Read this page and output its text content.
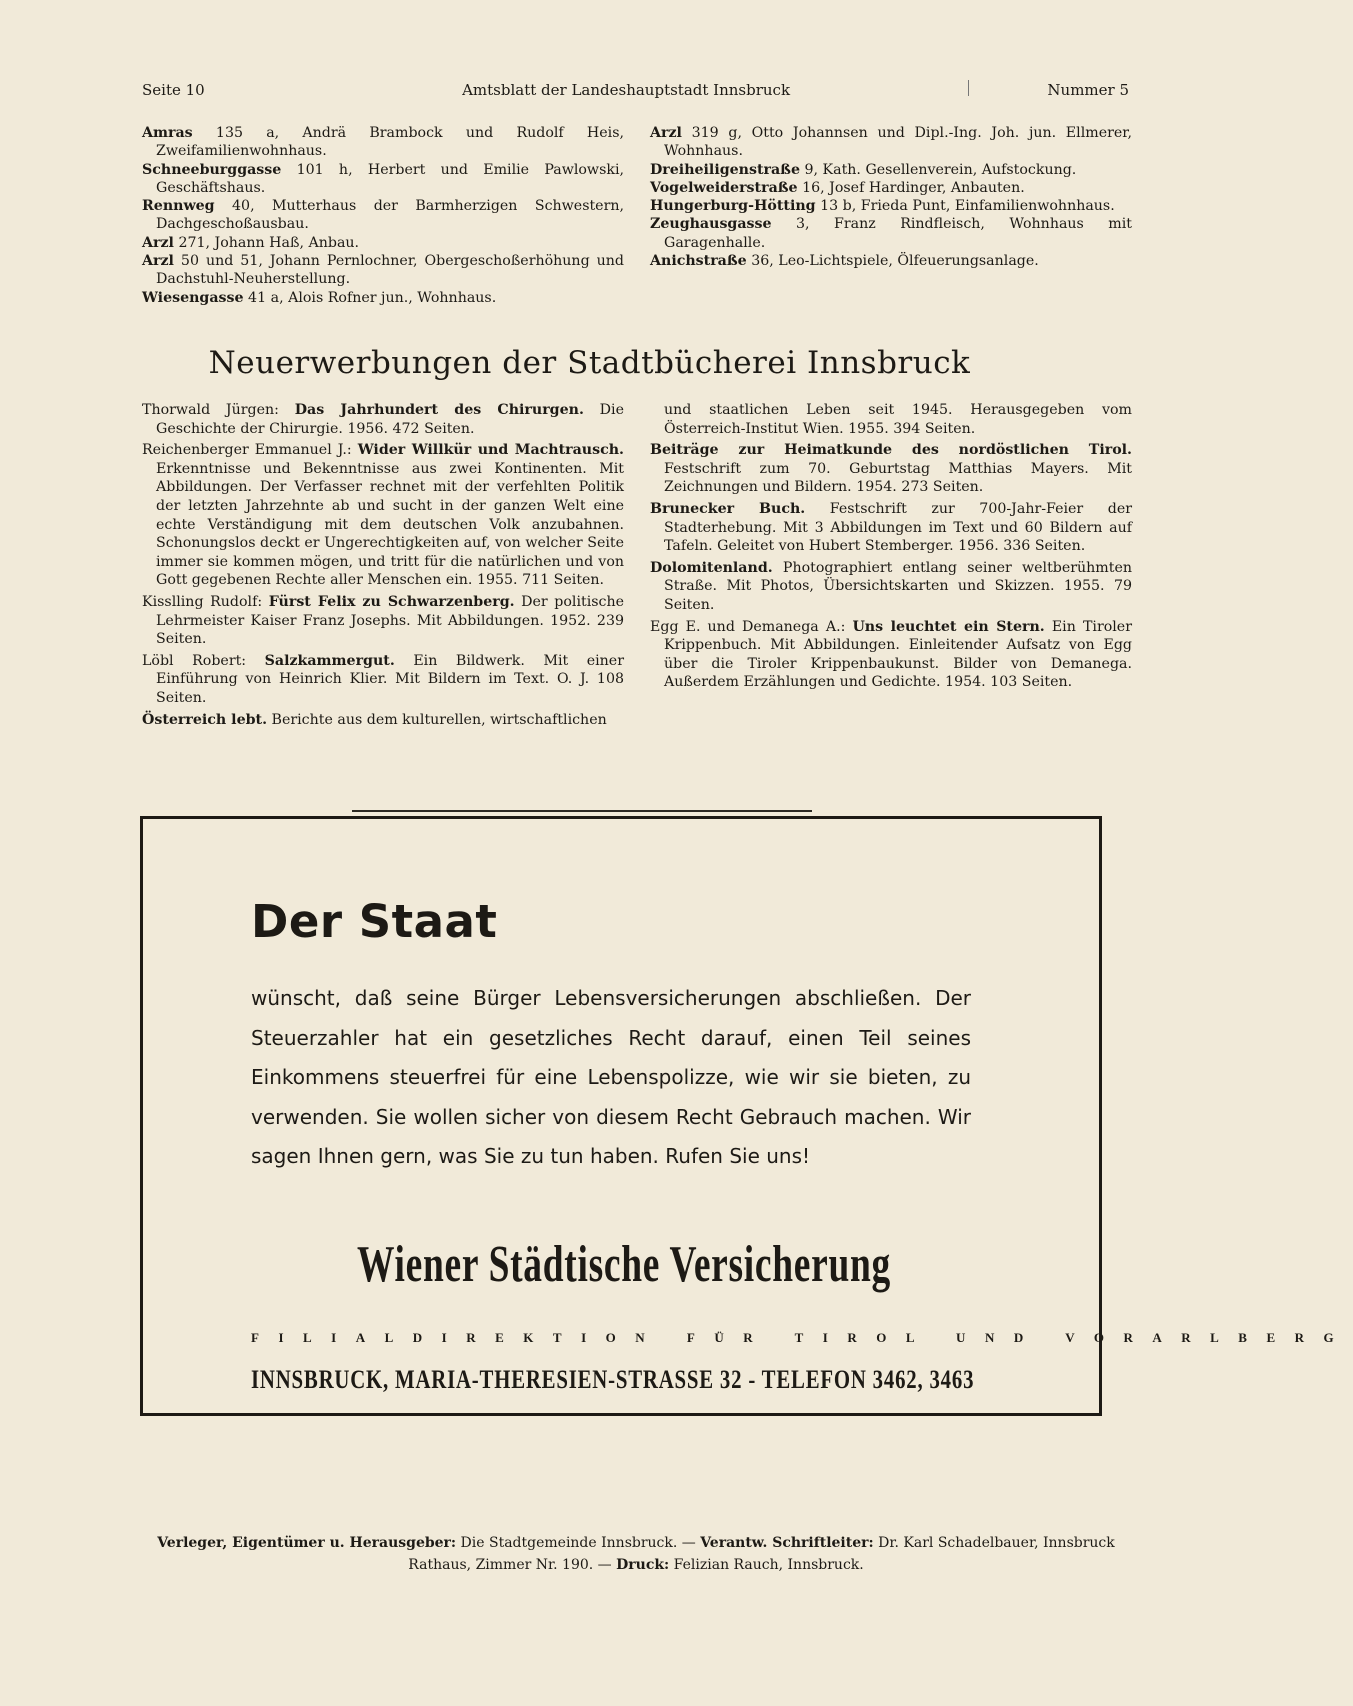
Seite 10	Amtsblatt der Landeshauptstadt Innsbruck	Nummer 5
Amras 135 a, Andrä Brambock und Rudolf Heis, Zweifamilienwohnhaus.
Schneeburggasse 101 h, Herbert und Emilie Pawlowski, Geschäftshaus.
Rennweg 40, Mutterhaus der Barmherzigen Schwestern, Dachgeschoßausbau.
Arzl 271, Johann Haß, Anbau.
Arzl 50 und 51, Johann Pernlochner, Obergeschoßerhöhung und Dachstuhl-Neuherstellung.
Wiesengasse 41 a, Alois Rofner jun., Wohnhaus.
Arzl 319 g, Otto Johannsen und Dipl.-Ing. Joh. jun. Ellmerer, Wohnhaus.
Dreiheiligenstraße 9, Kath. Gesellenverein, Aufstockung.
Vogelweiderstraße 16, Josef Hardinger, Anbauten.
Hungerburg-Hötting 13 b, Frieda Punt, Einfamilienwohnhaus.
Zeughausgasse 3, Franz Rindfleisch, Wohnhaus mit Garagenhalle.
Anichstraße 36, Leo-Lichtspiele, Ölfeuerungsanlage.
Neuerwerbungen der Stadtbücherei Innsbruck
Thorwald Jürgen: Das Jahrhundert des Chirurgen. Die Geschichte der Chirurgie. 1956. 472 Seiten.
Reichenberger Emmanuel J.: Wider Willkür und Machtrausch. Erkenntnisse und Bekenntnisse aus zwei Kontinenten. Mit Abbildungen. Der Verfasser rechnet mit der verfehlten Politik der letzten Jahrzehnte ab und sucht in der ganzen Welt eine echte Verständigung mit dem deutschen Volk anzubahnen. Schonungslos deckt er Ungerechtigkeiten auf, von welcher Seite immer sie kommen mögen, und tritt für die natürlichen und von Gott gegebenen Rechte aller Menschen ein. 1955. 711 Seiten.
Kisslling Rudolf: Fürst Felix zu Schwarzenberg. Der politische Lehrmeister Kaiser Franz Josephs. Mit Abbildungen. 1952. 239 Seiten.
Löbl Robert: Salzkammergut. Ein Bildwerk. Mit einer Einführung von Heinrich Klier. Mit Bildern im Text. O. J. 108 Seiten.
Österreich lebt. Berichte aus dem kulturellen, wirtschaftlichen
und staatlichen Leben seit 1945. Herausgegeben vom Österreich-Institut Wien. 1955. 394 Seiten.
Beiträge zur Heimatkunde des nordöstlichen Tirol. Festschrift zum 70. Geburtstag Matthias Mayers. Mit Zeichnungen und Bildern. 1954. 273 Seiten.
Brunecker Buch. Festschrift zur 700-Jahr-Feier der Stadterhebung. Mit 3 Abbildungen im Text und 60 Bildern auf Tafeln. Geleitet von Hubert Stemberger. 1956. 336 Seiten.
Dolomitenland. Photographiert entlang seiner weltberühmten Straße. Mit Photos, Übersichtskarten und Skizzen. 1955. 79 Seiten.
Egg E. und Demanega A.: Uns leuchtet ein Stern. Ein Tiroler Krippenbuch. Mit Abbildungen. Einleitender Aufsatz von Egg über die Tiroler Krippenbaukunst. Bilder von Demanega. Außerdem Erzählungen und Gedichte. 1954. 103 Seiten.
Der Staat
wünscht, daß seine Bürger Lebensversicherungen abschließen. Der Steuerzahler hat ein gesetzliches Recht darauf, einen Teil seines Einkommens steuerfrei für eine Lebenspolizze, wie wir sie bieten, zu verwenden. Sie wollen sicher von diesem Recht Gebrauch machen. Wir sagen Ihnen gern, was Sie zu tun haben. Rufen Sie uns!
Wiener Städtische Versicherung
FILIALDIREKTION FÜR TIROL UND VORARLBERG
INNSBRUCK, MARIA-THERESIEN-STRASSE 32 - TELEFON 3462, 3463
Verleger, Eigentümer u. Herausgeber: Die Stadtgemeinde Innsbruck. — Verantw. Schriftleiter: Dr. Karl Schadelbauer, Innsbruck
Rathaus, Zimmer Nr. 190. — Druck: Felizian Rauch, Innsbruck.
